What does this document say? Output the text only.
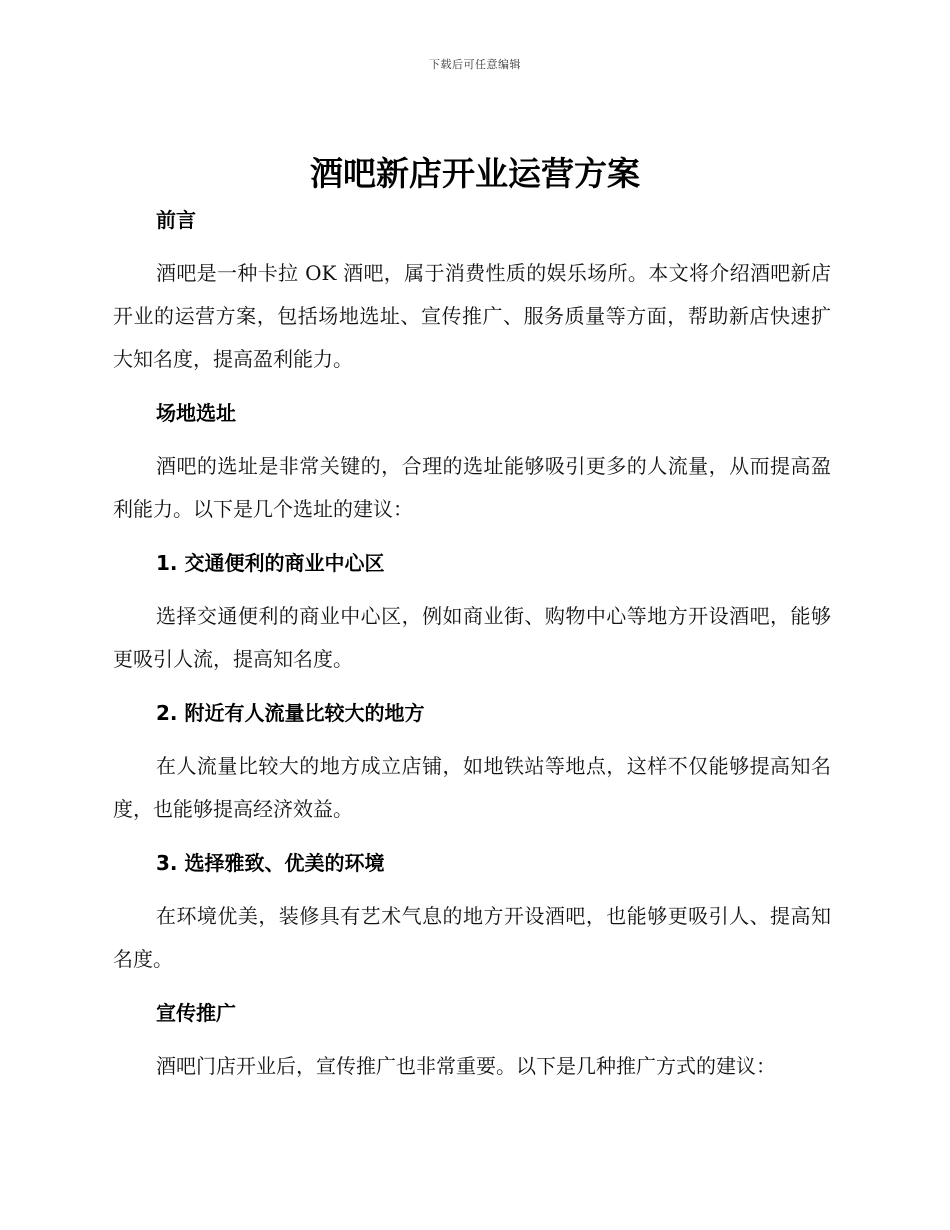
下载后可任意编辑
酒吧新店开业运营方案
前言

酒吧是一种卡拉 OK 酒吧，属于消费性质的娱乐场所。本文将介绍酒吧新店开业的运营方案，包括场地选址、宣传推广、服务质量等方面，帮助新店快速扩大知名度，提高盈利能力。

场地选址

酒吧的选址是非常关键的，合理的选址能够吸引更多的人流量，从而提高盈利能力。以下是几个选址的建议：

1. 交通便利的商业中心区

选择交通便利的商业中心区，例如商业街、购物中心等地方开设酒吧，能够更吸引人流，提高知名度。

2. 附近有人流量比较大的地方

在人流量比较大的地方成立店铺，如地铁站等地点，这样不仅能够提高知名度，也能够提高经济效益。

3. 选择雅致、优美的环境

在环境优美，装修具有艺术气息的地方开设酒吧，也能够更吸引人、提高知名度。

宣传推广

酒吧门店开业后，宣传推广也非常重要。以下是几种推广方式的建议：
